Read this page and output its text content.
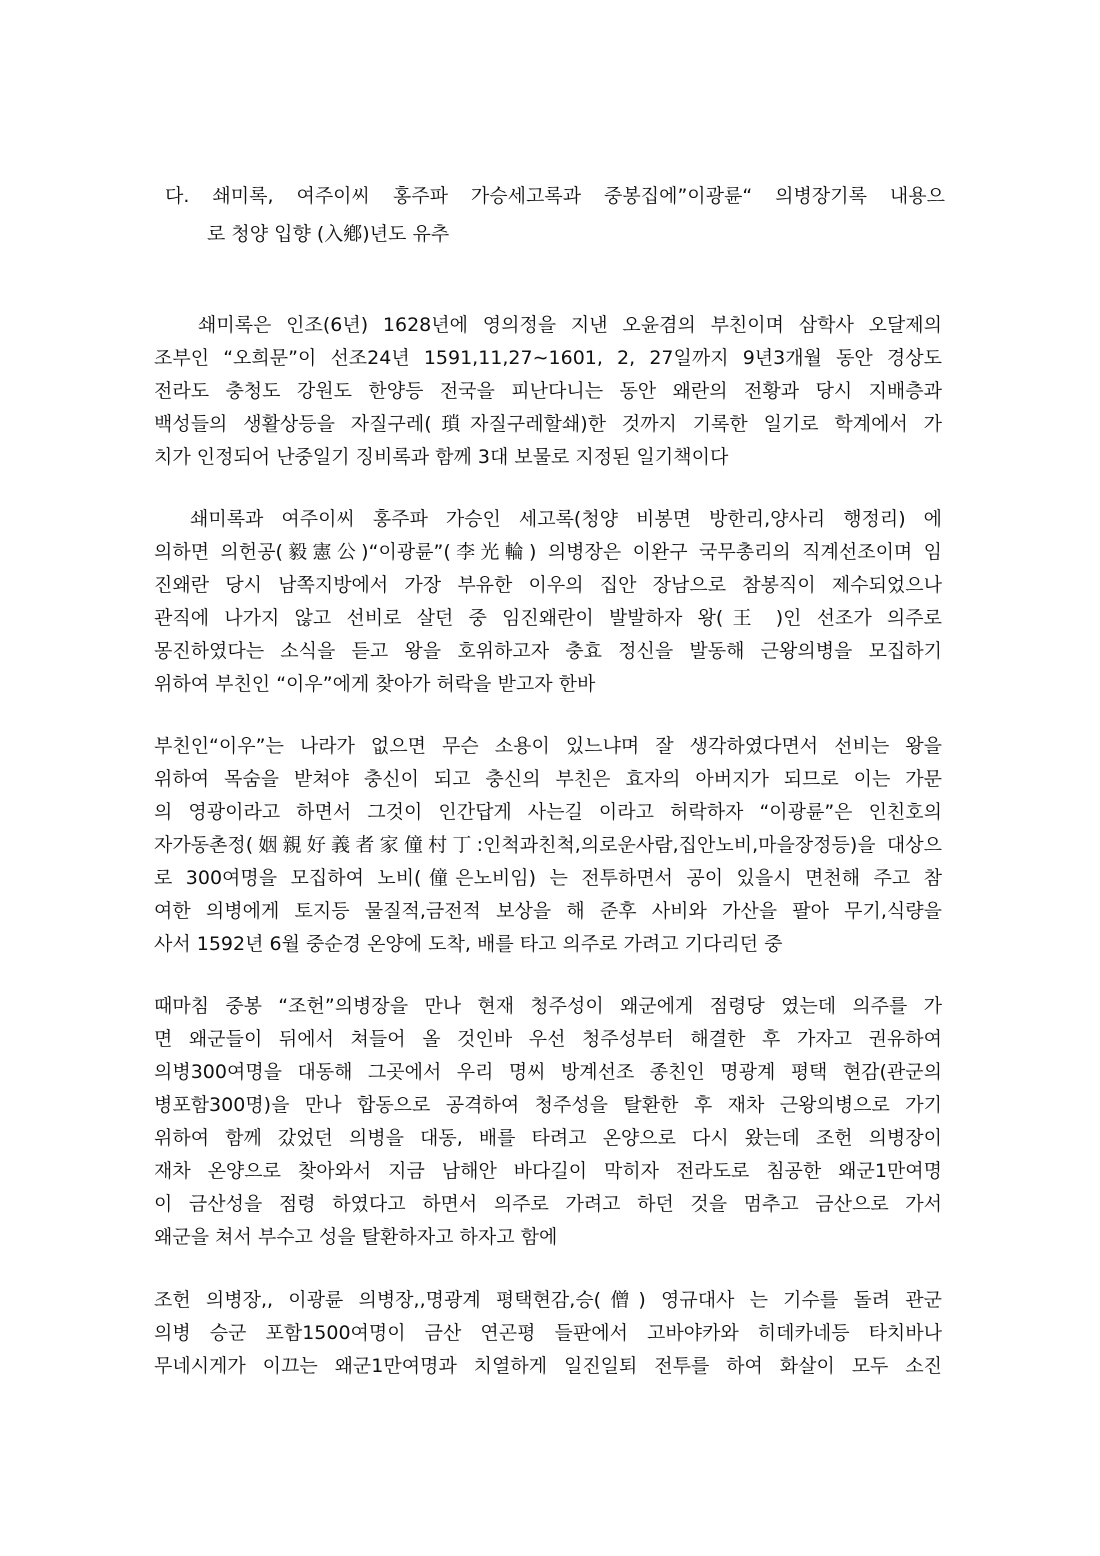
다. 쇄미록, 여주이씨 홍주파 가승세고록과 중봉집에”이광륜“ 의병장기록 내용으
로 청양 입향 (入鄕)년도 유추
쇄미록은 인조(6년) 1628년에 영의정을 지낸 오윤겸의 부친이며 삼학사 오달제의
조부인 “오희문”이 선조24년 1591,11,27∼1601, 2, 27일까지 9년3개월 동안 경상도
전라도 충청도 강원도 한양등 전국을 피난다니는 동안 왜란의 전황과 당시 지배층과
백성들의 생활상등을 자질구레(瑣자질구레할쇄)한 것까지 기록한 일기로 학계에서 가
치가 인정되어 난중일기 징비록과 함께 3대 보물로 지정된 일기책이다
쇄미록과 여주이씨 홍주파 가승인 세고록(청양 비봉면 방한리,양사리 행정리) 에
의하면 의헌공(毅憲公)“이광륜”(李光輪) 의병장은 이완구 국무총리의 직계선조이며 임
진왜란 당시 남쪽지방에서 가장 부유한 이우의 집안 장남으로 참봉직이 제수되었으나
관직에 나가지 않고 선비로 살던 중 임진왜란이 발발하자 왕(王 )인 선조가 의주로
몽진하였다는 소식을 듣고 왕을 호위하고자 충효 정신을 발동해 근왕의병을 모집하기
위하여 부친인 “이우”에게 찾아가 허락을 받고자 한바
부친인“이우”는 나라가 없으면 무슨 소용이 있느냐며 잘 생각하였다면서 선비는 왕을
위하여 목숨을 받쳐야 충신이 되고 충신의 부친은 효자의 아버지가 되므로 이는 가문
의 영광이라고 하면서 그것이 인간답게 사는길 이라고 허락하자 “이광륜”은 인친호의
자가동촌정(姻親好義者家僮村丁:인척과친척,의로운사람,집안노비,마을장정등)을 대상으
로 300여명을 모집하여 노비(僮은노비임) 는 전투하면서 공이 있을시 면천해 주고 참
여한 의병에게 토지등 물질적,금전적 보상을 해 준후 사비와 가산을 팔아 무기,식량을
사서 1592년 6월 중순경 온양에 도착, 배를 타고 의주로 가려고 기다리던 중
때마침 중봉 “조헌”의병장을 만나 현재 청주성이 왜군에게 점령당 였는데 의주를 가
면 왜군들이 뒤에서 쳐들어 올 것인바 우선 청주성부터 해결한 후 가자고 권유하여
의병300여명을 대동해 그곳에서 우리 명씨 방계선조 종친인 명광계 평택 현감(관군의
병포함300명)을 만나 합동으로 공격하여 청주성을 탈환한 후 재차 근왕의병으로 가기
위하여 함께 갔었던 의병을 대동, 배를 타려고 온양으로 다시 왔는데 조헌 의병장이
재차 온양으로 찾아와서 지금 남해안 바다길이 막히자 전라도로 침공한 왜군1만여명
이 금산성을 점령 하였다고 하면서 의주로 가려고 하던 것을 멈추고 금산으로 가서
왜군을 쳐서 부수고 성을 탈환하자고 하자고 함에
조헌 의병장,, 이광륜 의병장,,명광계 평택현감,승(僧) 영규대사 는 기수를 돌려 관군
의병 승군 포함1500여명이 금산 연곤평 들판에서 고바야카와 히데카네등 타치바나
무네시게가 이끄는 왜군1만여명과 치열하게 일진일퇴 전투를 하여 화살이 모두 소진
